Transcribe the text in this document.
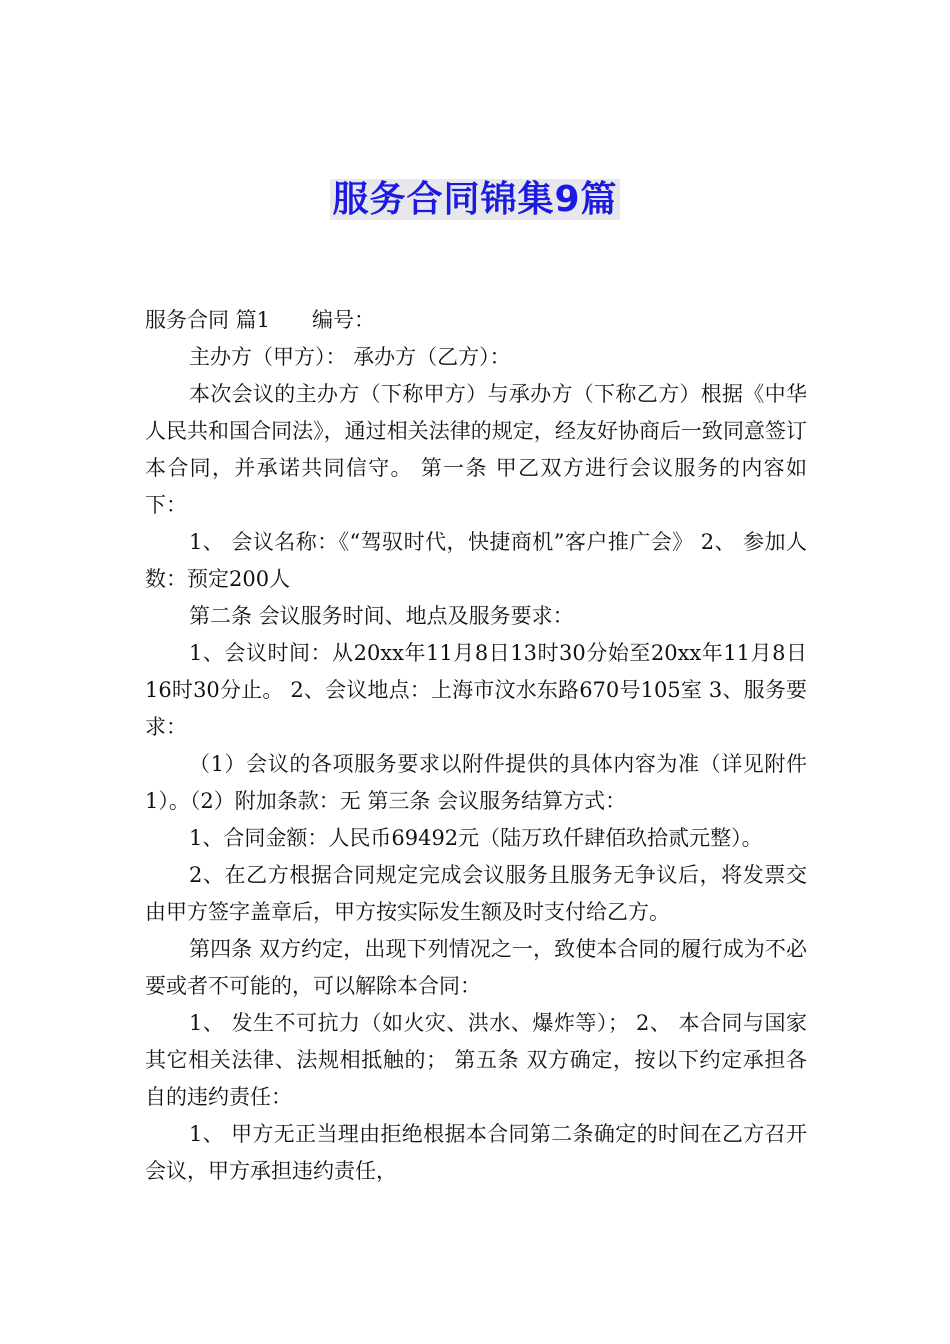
服务合同锦集9篇

服务合同 篇1　　编号：

主办方（甲方）： 承办方（乙方）：

本次会议的主办方（下称甲方）与承办方（下称乙方）根据《中华人民共和国合同法》，通过相关法律的规定，经友好协商后一致同意签订本合同，并承诺共同信守。 第一条 甲乙双方进行会议服务的内容如下：

1、 会议名称：《“驾驭时代，快捷商机”客户推广会》 2、 参加人数：预定200人

第二条 会议服务时间、地点及服务要求：

1、会议时间：从20xx年11月8日13时30分始至20xx年11月8日16时30分止。 2、会议地点：上海市汶水东路670号105室 3、服务要求：

（1）会议的各项服务要求以附件提供的具体内容为准（详见附件1）。（2）附加条款：无 第三条 会议服务结算方式：

1、合同金额：人民币69492元（陆万玖仟肆佰玖拾贰元整）。

2、在乙方根据合同规定完成会议服务且服务无争议后，将发票交由甲方签字盖章后，甲方按实际发生额及时支付给乙方。

第四条 双方约定，出现下列情况之一，致使本合同的履行成为不必要或者不可能的，可以解除本合同：

1、 发生不可抗力（如火灾、洪水、爆炸等）； 2、 本合同与国家其它相关法律、法规相抵触的； 第五条 双方确定，按以下约定承担各自的违约责任：

1、 甲方无正当理由拒绝根据本合同第二条确定的时间在乙方召开会议，甲方承担违约责任，
